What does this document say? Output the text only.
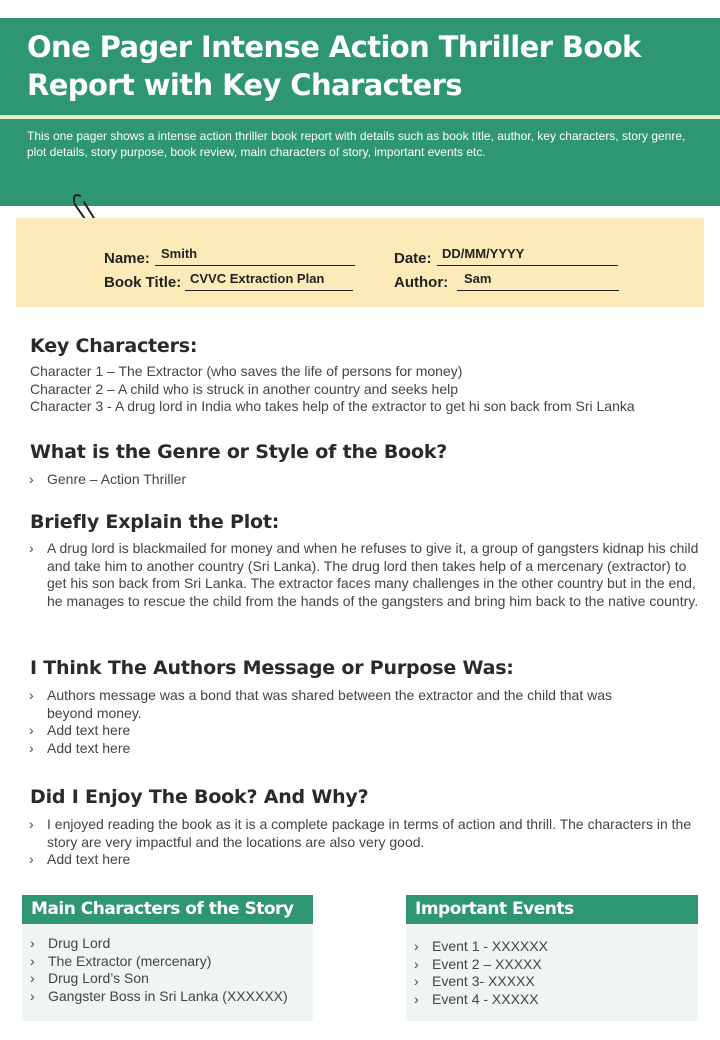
One Pager Intense Action Thriller Book Report with Key Characters
This one pager shows a intense action thriller book report with details such as book title, author, key characters, story genre, plot details, story purpose, book review, main characters of story, important events etc.
Name: Smith
Book Title: CVVC Extraction Plan
Date: DD/MM/YYYY
Author: Sam
Key Characters:
Character 1 – The Extractor (who saves the life of persons for money)
Character 2 – A child who is struck in another country and seeks help
Character 3 - A drug lord in India who takes help of the extractor to get hi son back from Sri Lanka
What is the Genre or Style of the Book?
› Genre – Action Thriller
Briefly Explain the Plot:
› A drug lord is blackmailed for money and when he refuses to give it, a group of gangsters kidnap his child and take him to another country (Sri Lanka). The drug lord then takes help of a mercenary (extractor) to get his son back from Sri Lanka. The extractor faces many challenges in the other country but in the end, he manages to rescue the child from the hands of the gangsters and bring him back to the native country.
I Think The Authors Message or Purpose Was:
› Authors message was a bond that was shared between the extractor and the child that was beyond money.
› Add text here
› Add text here
Did I Enjoy The Book? And Why?
› I enjoyed reading the book as it is a complete package in terms of action and thrill. The characters in the story are very impactful and the locations are also very good.
› Add text here
Main Characters of the Story
› Drug Lord
› The Extractor (mercenary)
› Drug Lord’s Son
› Gangster Boss in Sri Lanka (XXXXXX)
Important Events
› Event 1 - XXXXXX
› Event 2 – XXXXX
› Event 3- XXXXX
› Event 4 - XXXXX
